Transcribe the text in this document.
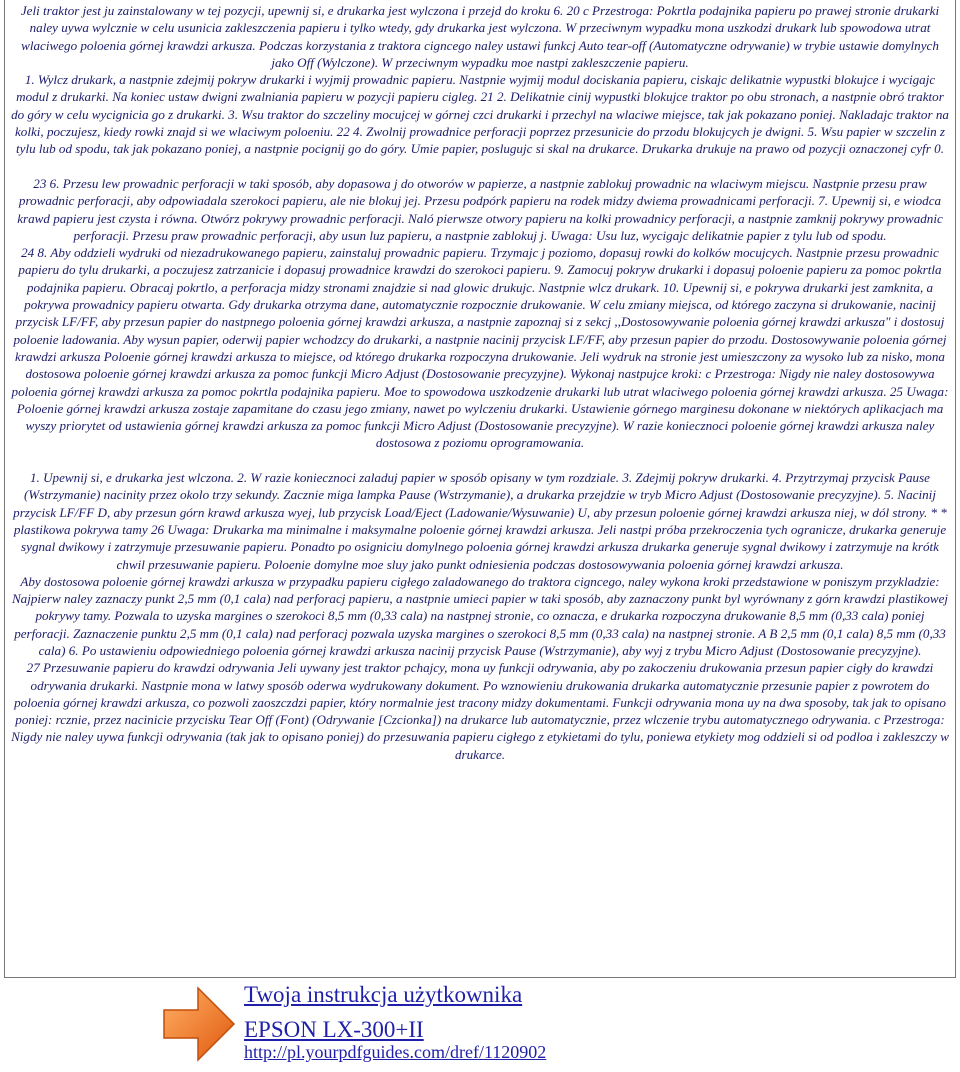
Jeli traktor jest ju zainstalowany w tej pozycji, upewnij si, e drukarka jest wylczona i przejd do kroku 6. 20 c Przestroga: Pokrtla podajnika papieru po prawej stronie drukarki naley uywa wylcznie w celu usunicia zakleszczenia papieru i tylko wtedy, gdy drukarka jest wylczona. W przeciwnym wypadku mona uszkodzi drukark lub spowodowa utrat wlaciwego poloenia górnej krawdzi arkusza. Podczas korzystania z traktora cigncego naley ustawi funkcj Auto tear-off (Automatyczne odrywanie) w trybie ustawie domylnych jako Off (Wylczone). W przeciwnym wypadku moe nastpi zakleszczenie papieru.

1. Wylcz drukark, a nastpnie zdejmij pokryw drukarki i wyjmij prowadnic papieru. Nastpnie wyjmij modul dociskania papieru, ciskajc delikatnie wypustki blokujce i wycigajc modul z drukarki. Na koniec ustaw dwigni zwalniania papieru w pozycji papieru cigleg. 21 2. Delikatnie cinij wypustki blokujce traktor po obu stronach, a nastpnie obró traktor do góry w celu wycignicia go z drukarki. 3. Wsu traktor do szczeliny mocujcej w górnej czci drukarki i przechyl na wlaciwe miejsce, tak jak pokazano poniej. Nakladajc traktor na kolki, poczujesz, kiedy rowki znajd si we wlaciwym poloeniu. 22 4. Zwolnij prowadnice perforacji poprzez przesunicie do przodu blokujcych je dwigni. 5. Wsu papier w szczelin z tylu lub od spodu, tak jak pokazano poniej, a nastpnie pocignij go do góry. Umie papier, poslugujc si skal na drukarce. Drukarka drukuje na prawo od pozycji oznaczonej cyfr 0.

23 6. Przesu lew prowadnic perforacji w taki sposób, aby dopasowa j do otworów w papierze, a nastpnie zablokuj prowadnic na wlaciwym miejscu. Nastpnie przesu praw prowadnic perforacji, aby odpowiadala szerokoci papieru, ale nie blokuj jej. Przesu podpórk papieru na rodek midzy dwiema prowadnicami perforacji. 7. Upewnij si, e wiodca krawd papieru jest czysta i równa. Otwórz pokrywy prowadnic perforacji. Naló pierwsze otwory papieru na kolki prowadnicy perforacji, a nastpnie zamknij pokrywy prowadnic perforacji. Przesu praw prowadnic perforacji, aby usun luz papieru, a nastpnie zablokuj j. Uwaga: Usu luz, wycigajc delikatnie papier z tylu lub od spodu.

24 8. Aby oddzieli wydruki od niezadrukowanego papieru, zainstaluj prowadnic papieru. Trzymajc j poziomo, dopasuj rowki do kolków mocujcych. Nastpnie przesu prowadnic papieru do tylu drukarki, a poczujesz zatrzanicie i dopasuj prowadnice krawdzi do szerokoci papieru. 9. Zamocuj pokryw drukarki i dopasuj poloenie papieru za pomoc pokrtla podajnika papieru. Obracaj pokrtlo, a perforacja midzy stronami znajdzie si nad glowic drukujc. Nastpnie wlcz drukark. 10. Upewnij si, e pokrywa drukarki jest zamknita, a pokrywa prowadnicy papieru otwarta. Gdy drukarka otrzyma dane, automatycznie rozpocznie drukowanie. W celu zmiany miejsca, od którego zaczyna si drukowanie, nacinij przycisk LF/FF, aby przesun papier do nastpnego poloenia górnej krawdzi arkusza, a nastpnie zapoznaj si z sekcj ,,Dostosowywanie poloenia górnej krawdzi arkusza" i dostosuj poloenie ladowania. Aby wysun papier, oderwij papier wchodzcy do drukarki, a nastpnie nacinij przycisk LF/FF, aby przesun papier do przodu. Dostosowywanie poloenia górnej krawdzi arkusza Poloenie górnej krawdzi arkusza to miejsce, od którego drukarka rozpoczyna drukowanie. Jeli wydruk na stronie jest umieszczony za wysoko lub za nisko, mona dostosowa poloenie górnej krawdzi arkusza za pomoc funkcji Micro Adjust (Dostosowanie precyzyjne). Wykonaj nastpujce kroki: c Przestroga: Nigdy nie naley dostosowywa poloenia górnej krawdzi arkusza za pomoc pokrtla podajnika papieru. Moe to spowodowa uszkodzenie drukarki lub utrat wlaciwego poloenia górnej krawdzi arkusza. 25 Uwaga: Poloenie górnej krawdzi arkusza zostaje zapamitane do czasu jego zmiany, nawet po wylczeniu drukarki. Ustawienie górnego marginesu dokonane w niektórych aplikacjach ma wyszy priorytet od ustawienia górnej krawdzi arkusza za pomoc funkcji Micro Adjust (Dostosowanie precyzyjne). W razie koniecznoci poloenie górnej krawdzi arkusza naley dostosowa z poziomu oprogramowania.

1. Upewnij si, e drukarka jest wlczona. 2. W razie koniecznoci zaladuj papier w sposób opisany w tym rozdziale. 3. Zdejmij pokryw drukarki. 4. Przytrzymaj przycisk Pause (Wstrzymanie) nacinity przez okolo trzy sekundy. Zacznie miga lampka Pause (Wstrzymanie), a drukarka przejdzie w tryb Micro Adjust (Dostosowanie precyzyjne). 5. Nacinij przycisk LF/FF D, aby przesun górn krawd arkusza wyej, lub przycisk Load/Eject (Ladowanie/Wysuwanie) U, aby przesun poloenie górnej krawdzi arkusza niej, w dól strony. * * plastikowa pokrywa tamy 26 Uwaga: Drukarka ma minimalne i maksymalne poloenie górnej krawdzi arkusza. Jeli nastpi próba przekroczenia tych ogranicze, drukarka generuje sygnal dwikowy i zatrzymuje przesuwanie papieru. Ponadto po osigniciu domylnego poloenia górnej krawdzi arkusza drukarka generuje sygnal dwikowy i zatrzymuje na krótk chwil przesuwanie papieru. Poloenie domylne moe sluy jako punkt odniesienia podczas dostosowywania poloenia górnej krawdzi arkusza.

Aby dostosowa poloenie górnej krawdzi arkusza w przypadku papieru cigłego zaladowanego do traktora cigncego, naley wykona kroki przedstawione w poniszym przykladzie: Najpierw naley zaznaczy punkt 2,5 mm (0,1 cala) nad perforacj papieru, a nastpnie umieci papier w taki sposób, aby zaznaczony punkt byl wyrównany z górn krawdzi plastikowej pokrywy tamy. Pozwala to uzyska margines o szerokoci 8,5 mm (0,33 cala) na nastpnej stronie, co oznacza, e drukarka rozpoczyna drukowanie 8,5 mm (0,33 cala) poniej perforacji. Zaznaczenie punktu 2,5 mm (0,1 cala) nad perforacj pozwala uzyska margines o szerokoci 8,5 mm (0,33 cala) na nastpnej stronie. A B 2,5 mm (0,1 cala) 8,5 mm (0,33 cala) 6. Po ustawieniu odpowiedniego poloenia górnej krawdzi arkusza nacinij przycisk Pause (Wstrzymanie), aby wyj z trybu Micro Adjust (Dostosowanie precyzyjne).

27 Przesuwanie papieru do krawdzi odrywania Jeli uywany jest traktor pchajcy, mona uy funkcji odrywania, aby po zakoczeniu drukowania przesun papier cigły do krawdzi odrywania drukarki. Nastpnie mona w latwy sposób oderwa wydrukowany dokument. Po wznowieniu drukowania drukarka automatycznie przesunie papier z powrotem do poloenia górnej krawdzi arkusza, co pozwoli zaoszczdzi papier, który normalnie jest tracony midzy dokumentami. Funkcji odrywania mona uy na dwa sposoby, tak jak to opisano poniej: rcznie, przez nacinicie przycisku Tear Off (Font) (Odrywanie [Czcionka]) na drukarce lub automatycznie, przez wlczenie trybu automatycznego odrywania. c Przestroga: Nigdy nie naley uywa funkcji odrywania (tak jak to opisano poniej) do przesuwania papieru cigłego z etykietami do tylu, poniewa etykiety mog oddzieli si od podloa i zakleszczy w drukarce.

Twoja instrukcja użytkownika
EPSON LX-300+II
http://pl.yourpdfguides.com/dref/1120902
